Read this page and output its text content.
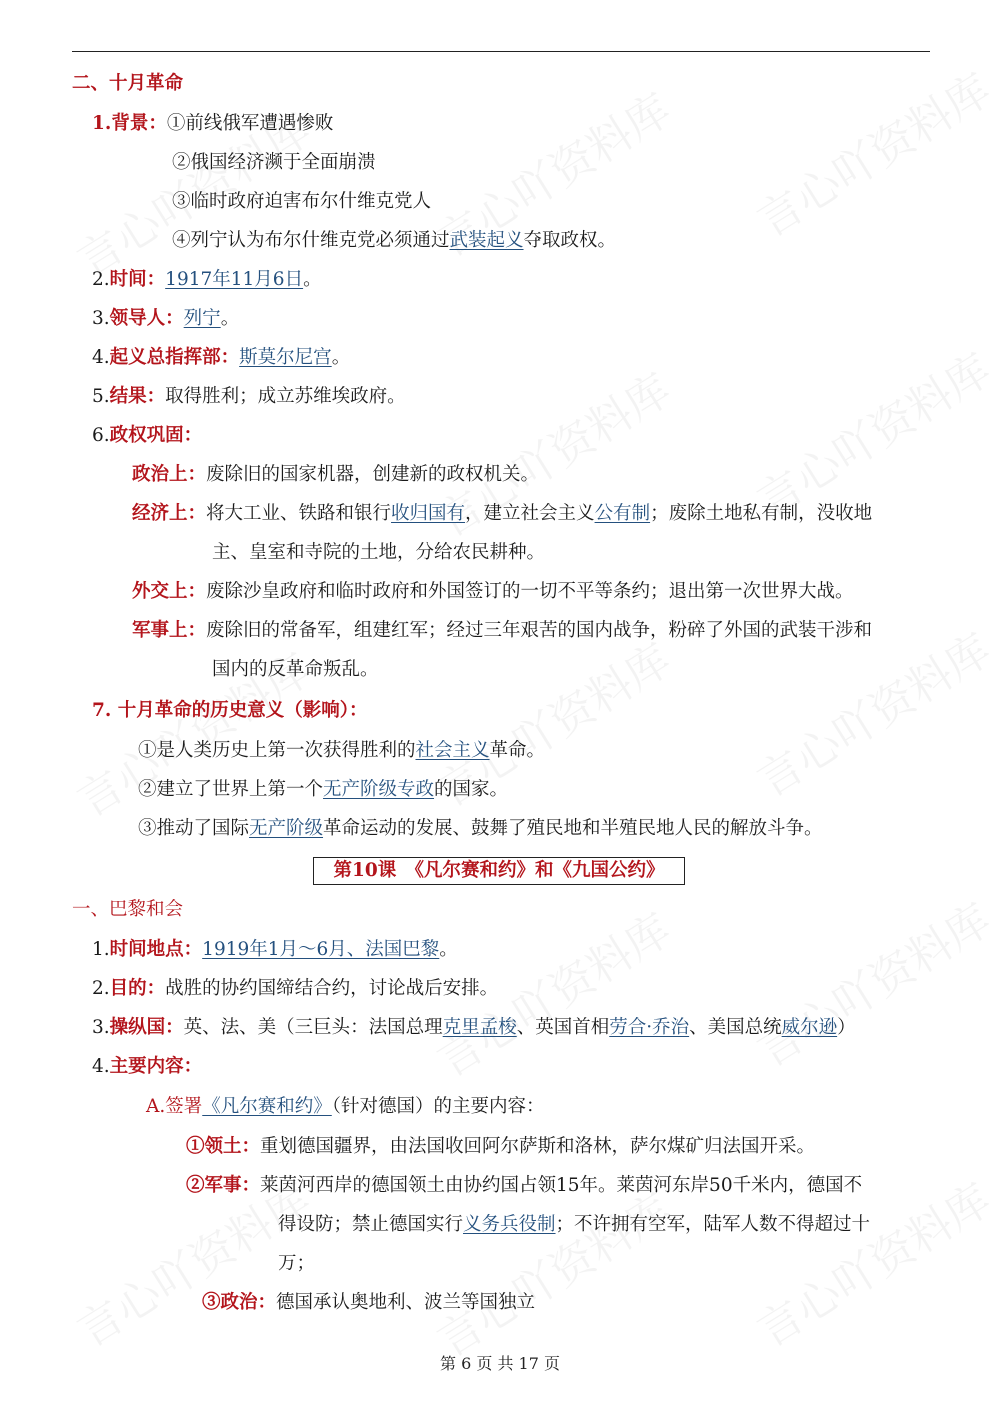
二、十月革命
1.背景：①前线俄军遭遇惨败
②俄国经济濒于全面崩溃
③临时政府迫害布尔什维克党人
④列宁认为布尔什维克党必须通过武装起义夺取政权。
2.时间：1917年11月6日。
3.领导人：列宁。
4.起义总指挥部：斯莫尔尼宫。
5.结果：取得胜利；成立苏维埃政府。
6.政权巩固：
政治上：废除旧的国家机器，创建新的政权机关。
经济上：将大工业、铁路和银行收归国有，建立社会主义公有制；废除土地私有制，没收地
主、皇室和寺院的土地，分给农民耕种。
外交上：废除沙皇政府和临时政府和外国签订的一切不平等条约；退出第一次世界大战。
军事上：废除旧的常备军，组建红军；经过三年艰苦的国内战争，粉碎了外国的武装干涉和
国内的反革命叛乱。
7. 十月革命的历史意义（影响）：
①是人类历史上第一次获得胜利的社会主义革命。
②建立了世界上第一个无产阶级专政的国家。
③推动了国际无产阶级革命运动的发展、鼓舞了殖民地和半殖民地人民的解放斗争。
第10课　《凡尔赛和约》和《九国公约》
一、巴黎和会
1.时间地点：1919年1月～6月、法国巴黎。
2.目的：战胜的协约国缔结合约，讨论战后安排。
3.操纵国：英、法、美（三巨头：法国总理克里孟梭、英国首相劳合·乔治、美国总统威尔逊）
4.主要内容：
A.签署《凡尔赛和约》（针对德国）的主要内容：
①领土：重划德国疆界，由法国收回阿尔萨斯和洛林，萨尔煤矿归法国开采。
②军事：莱茵河西岸的德国领土由协约国占领15年。莱茵河东岸50千米内，德国不
得设防；禁止德国实行义务兵役制；不许拥有空军，陆军人数不得超过十
万；
③政治：德国承认奥地利、波兰等国独立
第 6 页 共 17 页
